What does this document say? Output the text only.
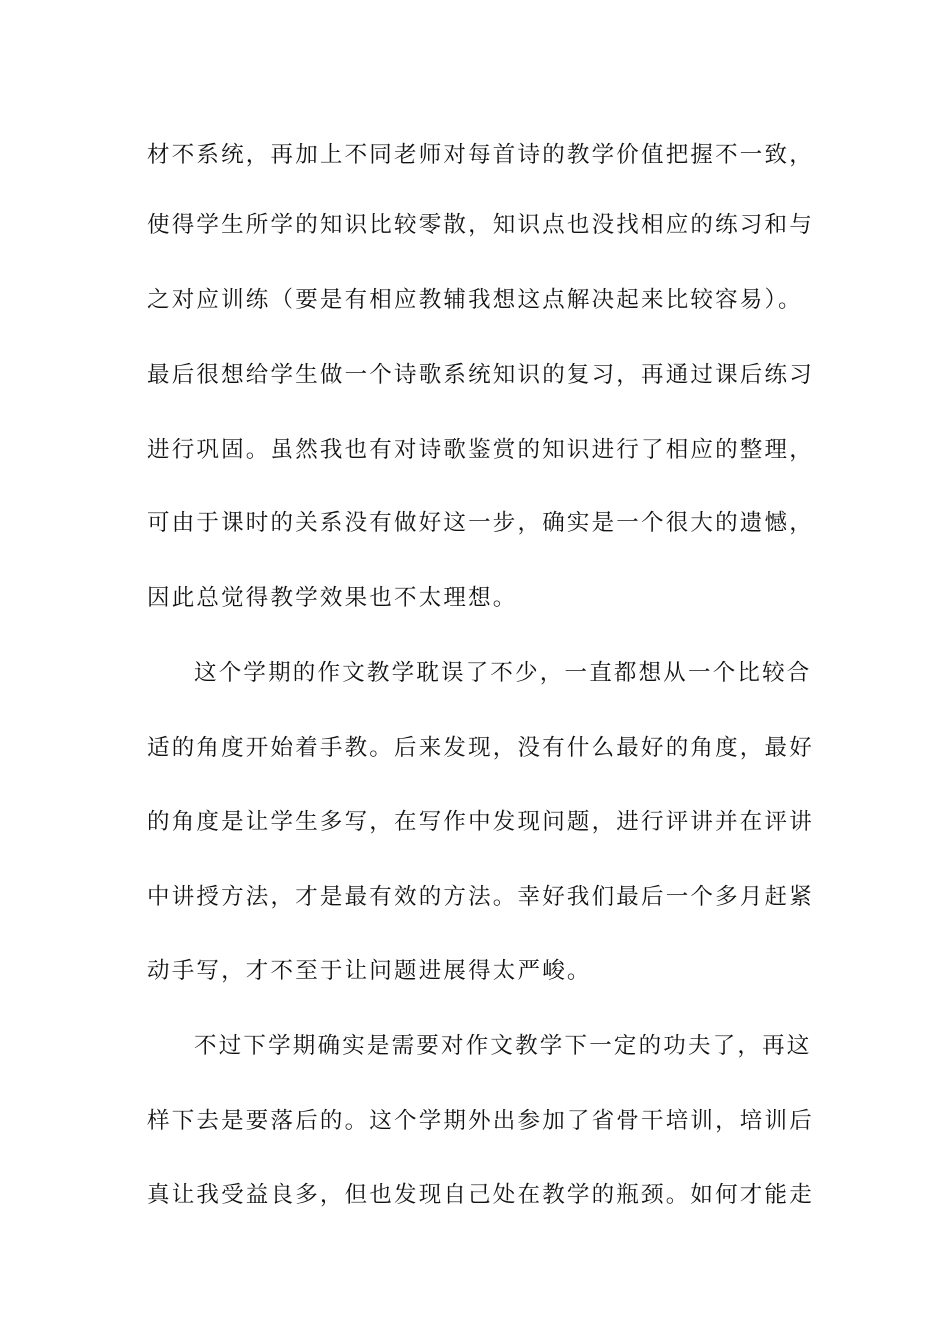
材不系统，再加上不同老师对每首诗的教学价值把握不一致，
使得学生所学的知识比较零散，知识点也没找相应的练习和与
之对应训练（要是有相应教辅我想这点解决起来比较容易）。
最后很想给学生做一个诗歌系统知识的复习，再通过课后练习
进行巩固。虽然我也有对诗歌鉴赏的知识进行了相应的整理，
可由于课时的关系没有做好这一步，确实是一个很大的遗憾，
因此总觉得教学效果也不太理想。
这个学期的作文教学耽误了不少，一直都想从一个比较合
适的角度开始着手教。后来发现，没有什么最好的角度，最好
的角度是让学生多写，在写作中发现问题，进行评讲并在评讲
中讲授方法，才是最有效的方法。幸好我们最后一个多月赶紧
动手写，才不至于让问题进展得太严峻。
不过下学期确实是需要对作文教学下一定的功夫了，再这
样下去是要落后的。这个学期外出参加了省骨干培训，培训后
真让我受益良多，但也发现自己处在教学的瓶颈。如何才能走
